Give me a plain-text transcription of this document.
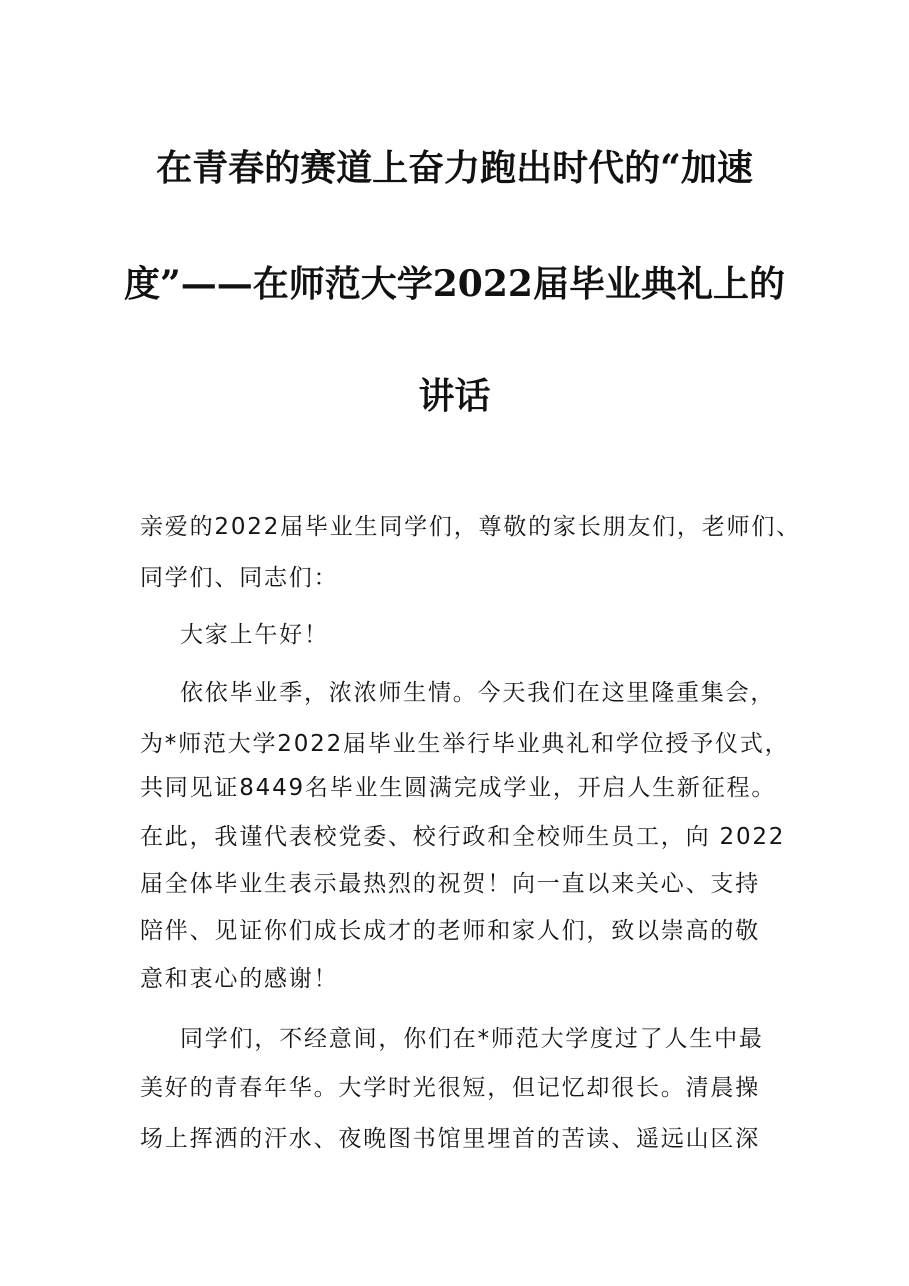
在青春的赛道上奋力跑出时代的“加速
度”——在师范大学2022届毕业典礼上的
讲话
亲爱的2022届毕业生同学们，尊敬的家长朋友们，老师们、
同学们、同志们：
大家上午好！
依依毕业季，浓浓师生情。今天我们在这里隆重集会，
为*师范大学2022届毕业生举行毕业典礼和学位授予仪式，
共同见证8449名毕业生圆满完成学业，开启人生新征程。
在此，我谨代表校党委、校行政和全校师生员工，向 2022
届全体毕业生表示最热烈的祝贺！向一直以来关心、支持
陪伴、见证你们成长成才的老师和家人们，致以崇高的敬
意和衷心的感谢！
同学们，不经意间，你们在*师范大学度过了人生中最
美好的青春年华。大学时光很短，但记忆却很长。清晨操
场上挥洒的汗水、夜晚图书馆里埋首的苦读、遥远山区深
